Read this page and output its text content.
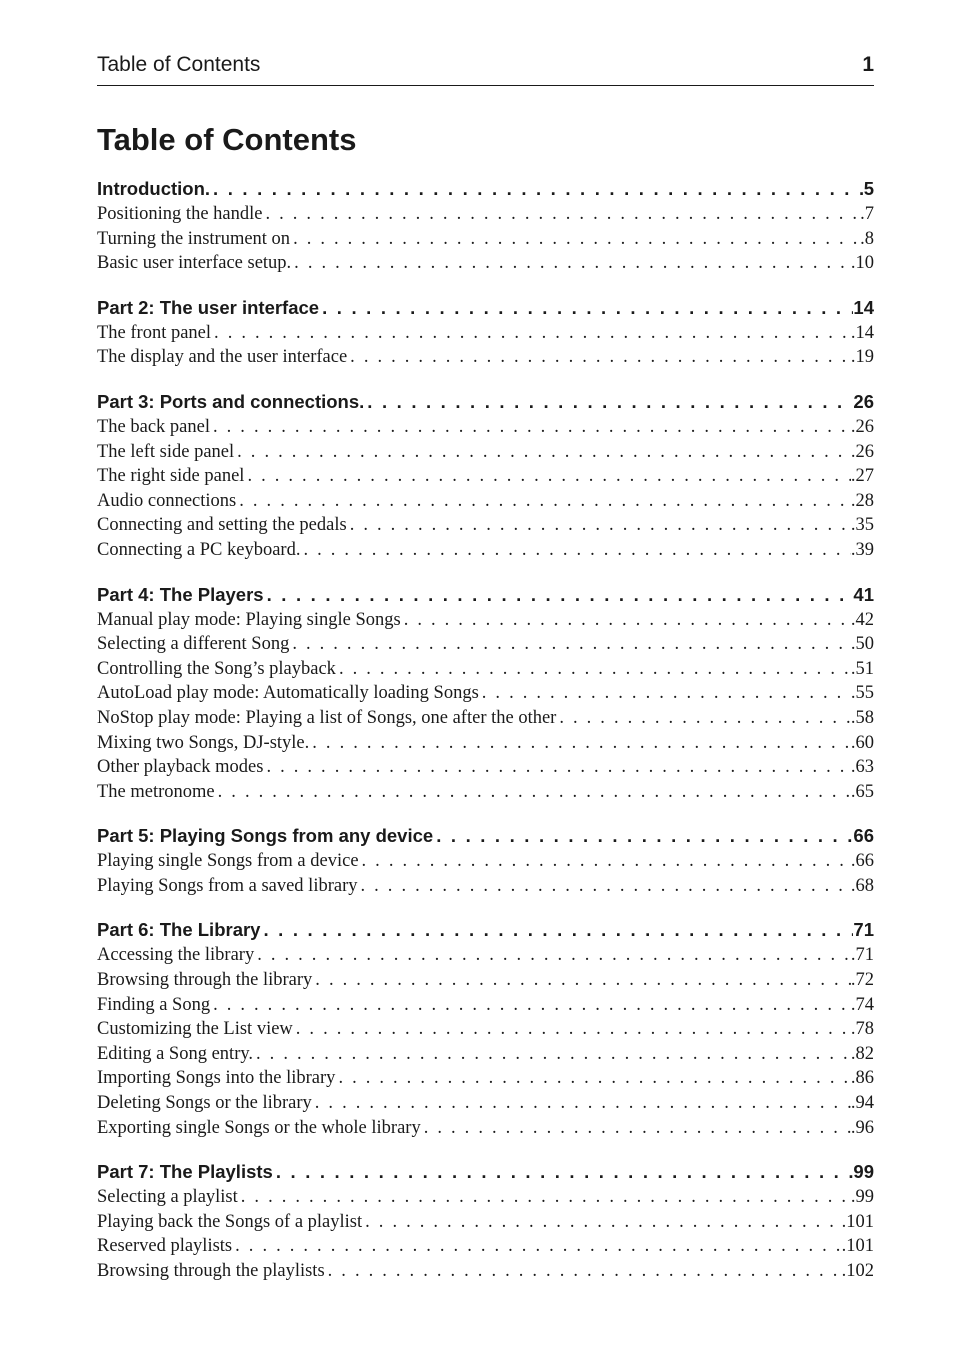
Table of Contents	1
Table of Contents
Introduction. . . .	5
Positioning the handle . . .	.7
Turning the instrument on . . .	.8
Basic user interface setup. . . .	.10
Part 2: The user interface . . .	14
The front panel . . .	.14
The display and the user interface . . .	.19
Part 3: Ports and connections. . . .	26
The back panel . . .	.26
The left side panel . . .	.26
The right side panel . . .	.27
Audio connections . . .	.28
Connecting and setting the pedals . . .	.35
Connecting a PC keyboard. . . .	.39
Part 4: The Players . . .	41
Manual play mode: Playing single Songs . . .	.42
Selecting a different Song . . .	.50
Controlling the Song’s playback . . .	.51
AutoLoad play mode: Automatically loading Songs . . .	.55
NoStop play mode: Playing a list of Songs, one after the other . . .	.58
Mixing two Songs, DJ-style. . . .	.60
Other playback modes . . .	.63
The metronome . . .	.65
Part 5: Playing Songs from any device . . .	66
Playing single Songs from a device . . .	.66
Playing Songs from a saved library . . .	.68
Part 6: The Library . . .	71
Accessing the library . . .	.71
Browsing through the library . . .	.72
Finding a Song . . .	.74
Customizing the List view . . .	.78
Editing a Song entry. . . .	.82
Importing Songs into the library . . .	.86
Deleting Songs or the library . . .	.94
Exporting single Songs or the whole library . . .	.96
Part 7: The Playlists . . .	99
Selecting a playlist . . .	.99
Playing back the Songs of a playlist . . .	.101
Reserved playlists . . .	.101
Browsing through the playlists . . .	.102
